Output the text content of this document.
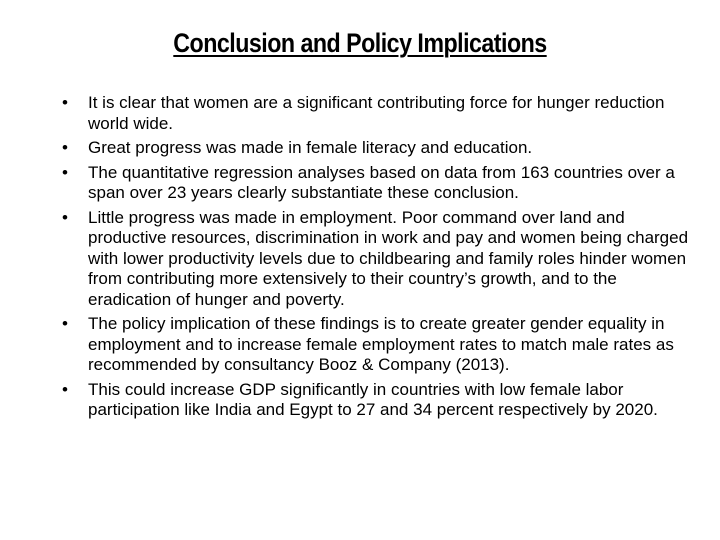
Conclusion and Policy Implications
• It is clear that women are a significant contributing force for hunger reduction world wide.
• Great progress was made in female literacy and education.
• The quantitative regression analyses based on data from 163 countries over a span over 23 years clearly substantiate these conclusion.
• Little progress was made in employment. Poor command over land and productive resources, discrimination in work and pay and women being charged with lower productivity levels due to childbearing and family roles hinder women from contributing more extensively to their country’s growth, and to the eradication of hunger and poverty.
• The policy implication of these findings is to create greater gender equality in employment and to increase female employment rates to match male rates as recommended by consultancy Booz & Company (2013).
• This could increase GDP significantly in countries with low female labor participation like India and Egypt to 27 and 34 percent respectively by 2020.
